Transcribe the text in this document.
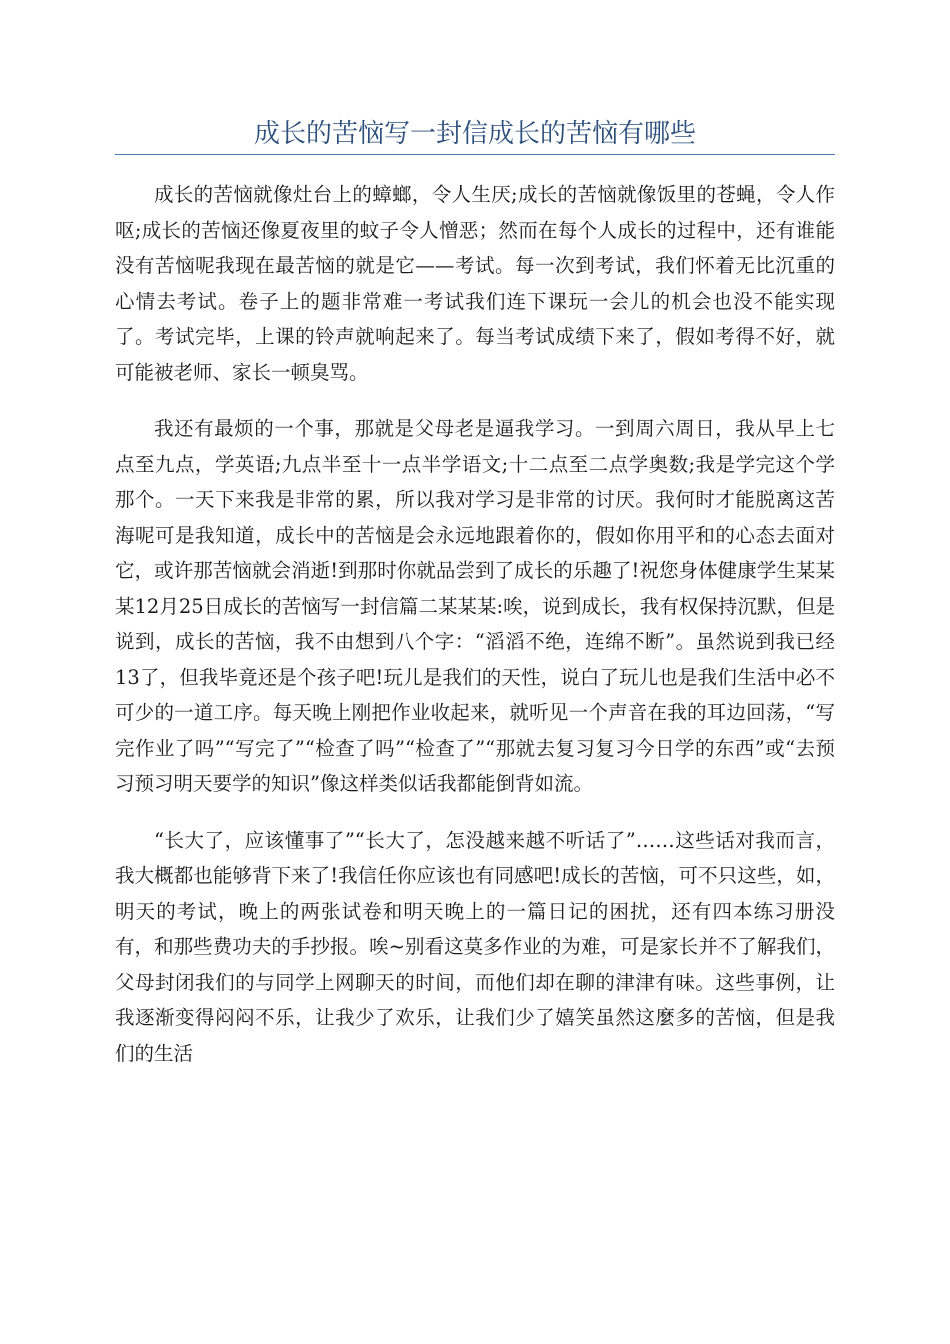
成长的苦恼写一封信成长的苦恼有哪些

成长的苦恼就像灶台上的蟑螂，令人生厌;成长的苦恼就像饭里的苍蝇，令人作呕;成长的苦恼还像夏夜里的蚊子令人憎恶；然而在每个人成长的过程中，还有谁能没有苦恼呢我现在最苦恼的就是它——考试。每一次到考试，我们怀着无比沉重的心情去考试。卷子上的题非常难一考试我们连下课玩一会儿的机会也没不能实现了。考试完毕，上课的铃声就响起来了。每当考试成绩下来了，假如考得不好，就可能被老师、家长一顿臭骂。

我还有最烦的一个事，那就是父母老是逼我学习。一到周六周日，我从早上七点至九点，学英语;九点半至十一点半学语文;十二点至二点学奥数;我是学完这个学那个。一天下来我是非常的累，所以我对学习是非常的讨厌。我何时才能脱离这苦海呢可是我知道，成长中的苦恼是会永远地跟着你的，假如你用平和的心态去面对它，或许那苦恼就会消逝!到那时你就品尝到了成长的乐趣了!祝您身体健康学生某某某12月25日成长的苦恼写一封信篇二某某某:唉，说到成长，我有权保持沉默，但是说到，成长的苦恼，我不由想到八个字：“滔滔不绝，连绵不断”。虽然说到我已经13了，但我毕竟还是个孩子吧!玩儿是我们的天性，说白了玩儿也是我们生活中必不可少的一道工序。每天晚上刚把作业收起来，就听见一个声音在我的耳边回荡，“写完作业了吗”“写完了”“检查了吗”“检查了”“那就去复习复习今日学的东西”或“去预习预习明天要学的知识”像这样类似话我都能倒背如流。

“长大了，应该懂事了”“长大了，怎没越来越不听话了”……这些话对我而言，我大概都也能够背下来了!我信任你应该也有同感吧!成长的苦恼，可不只这些，如，明天的考试，晚上的两张试卷和明天晚上的一篇日记的困扰，还有四本练习册没有，和那些费功夫的手抄报。唉~别看这莫多作业的为难，可是家长并不了解我们，父母封闭我们的与同学上网聊天的时间，而他们却在聊的津津有味。这些事例，让我逐渐变得闷闷不乐，让我少了欢乐，让我们少了嬉笑虽然这麼多的苦恼，但是我们的生活
